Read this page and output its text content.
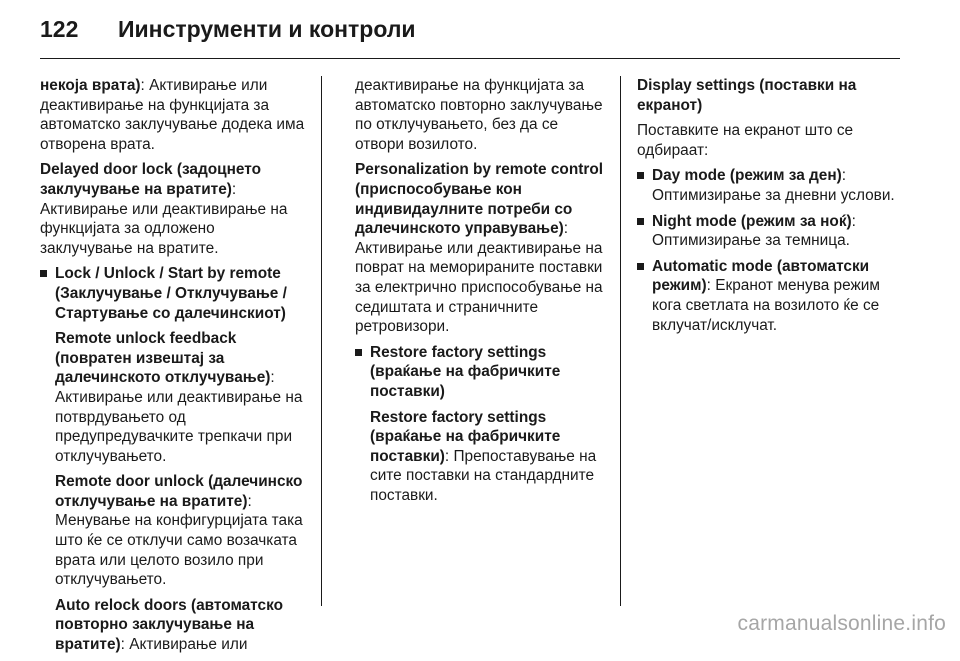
122 Иинструменти и контроли

некоја врата): Активирање или деактивирање на функцијата за автоматско заклучување додека има отворена врата.

Delayed door lock (задоцнето заклучување на вратите): Активирање или деактивирање на функцијата за одложено заклучување на вратите.

Lock / Unlock / Start by remote (Заклучување / Отклучување / Стартување со далечинскиот)

Remote unlock feedback (повратен извештај за далечинското отклучување): Активирање или деактивирање на потврдувањето од предупредувачките трепкачи при отклучувањето.

Remote door unlock (далечинско отклучување на вратите): Менување на конфигурцијата така што ќе се отклучи само возачката врата или целото возило при отклучувањето.

Auto relock doors (автоматско повторно заклучување на вратите): Активирање или

деактивирање на функцијата за автоматско повторно заклучување по отклучувањето, без да се отвори возилото.

Personalization by remote control (приспособување кон индивидаулните потреби со далечинското управување): Активирање или деактивирање на поврат на меморираните поставки за електрично приспособување на седиштата и страничните ретровизори.

Restore factory settings (враќање на фабричките поставки)

Restore factory settings (враќање на фабричките поставки): Препоставување на сите поставки на стандардните поставки.

Display settings (поставки на екранот)

Поставките на екранот што се одбираат:

Day mode (режим за ден): Оптимизирање за дневни услови.

Night mode (режим за ноќ): Оптимизирање за темница.

Automatic mode (автоматски режим): Екранот менува режим кога светлата на возилото ќе се вклучат/исклучат.

carmanualsonline.info
